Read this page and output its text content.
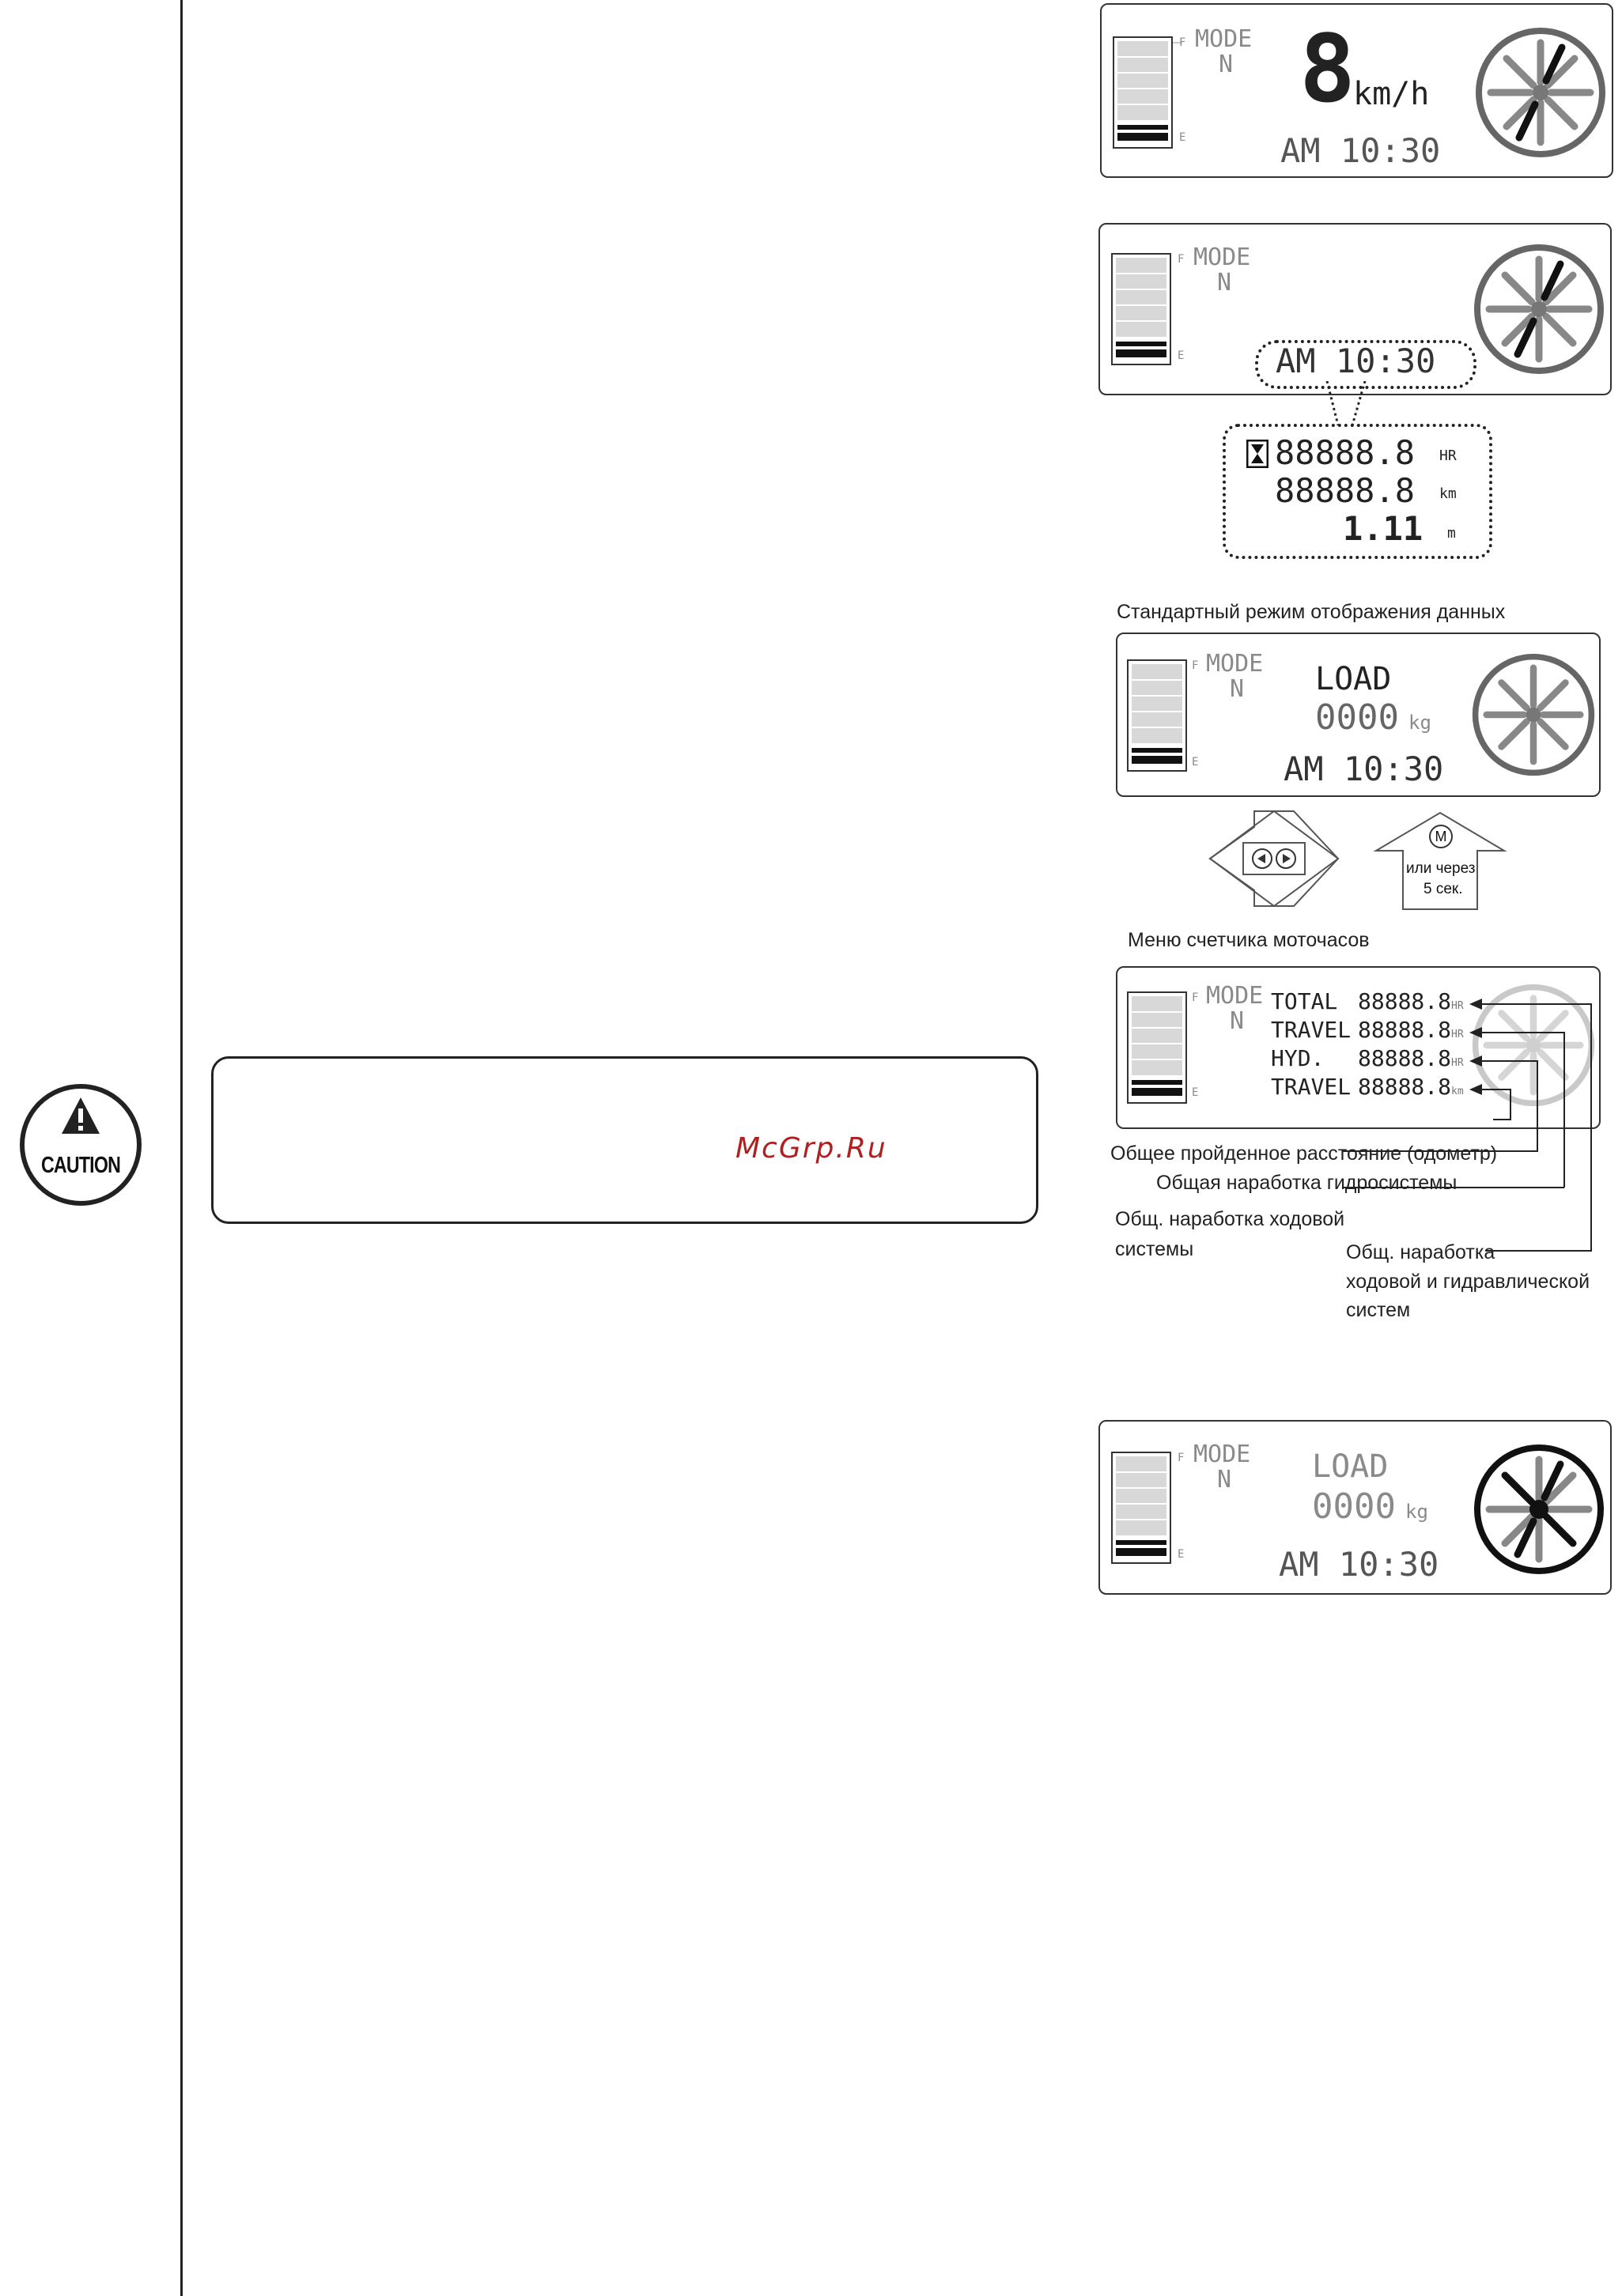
CAUTION
McGrp.Ru
F
E
MODE
N 8
km/h
AM 10:30
F
E
MODE
N
AM 10:30
88888.8 HR
88888.8 km
1.11 m
Стандартный режим отображения данных
F
E
MODE
N LOAD
0000 kg
AM 10:30
M
или через
5 сек.
Меню счетчика моточасов
F
E
MODE
N
TOTAL 88888.8HR
TRAVEL 88888.8HR
HYD. 88888.8HR
TRAVEL 88888.8km
Общее пройденное расстояние (одометр)
Общая наработка гидросистемы
Общ. наработка ходовой
системы	Общ. наработка
ходовой и гидравлической
систем
F
E
MODE
N	LOAD
0000 kg
AM 10:30
